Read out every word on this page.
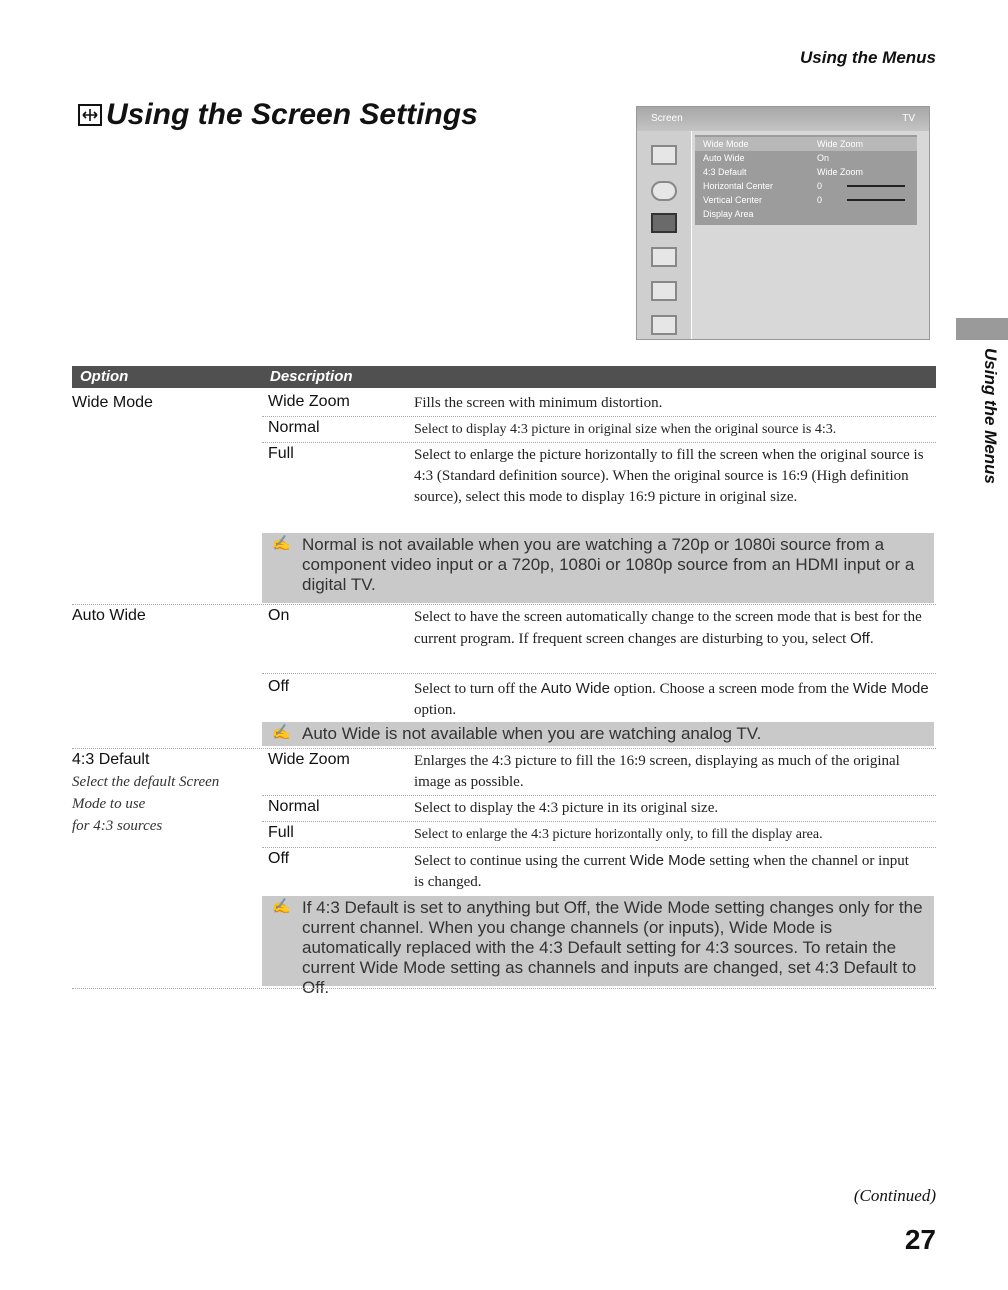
Using the Menus
Using the Screen Settings	Screen	TV
Wide Mode	Wide Zoom
Auto Wide	On
4:3 Default	Wide Zoom
Horizontal Center	0
Vertical Center	0
Display Area
Using the Menus
Option	Description
Wide Mode	Wide Zoom	Fills the screen with minimum distortion.
Normal	Select to display 4:3 picture in original size when the original source is 4:3.
Full	Select to enlarge the picture horizontally to fill the screen when the original source is 4:3 (Standard definition source). When the original source is 16:9 (High definition source), select this mode to display 16:9 picture in original size.
✍ Normal is not available when you are watching a 720p or 1080i source from a component video input or a 720p, 1080i or 1080p source from an HDMI input or a digital TV.
Auto Wide	On	Select to have the screen automatically change to the screen mode that is best for the current program. If frequent screen changes are disturbing to you, select Off.
Off	Select to turn off the Auto Wide option. Choose a screen mode from the Wide Mode option.
✍ Auto Wide is not available when you are watching analog TV.
4:3 Default
Select the default Screen
Mode to use
for 4:3 sources
Wide Zoom	Enlarges the 4:3 picture to fill the 16:9 screen, displaying as much of the original image as possible.
Normal	Select to display the 4:3 picture in its original size.
Full	Select to enlarge the 4:3 picture horizontally only, to fill the display area.
Off	Select to continue using the current Wide Mode setting when the channel or input is changed.
✍ If 4:3 Default is set to anything but Off, the Wide Mode setting changes only for the current channel. When you change channels (or inputs), Wide Mode is automatically replaced with the 4:3 Default setting for 4:3 sources. To retain the current Wide Mode setting as channels and inputs are changed, set 4:3 Default to Off.
(Continued)
27
